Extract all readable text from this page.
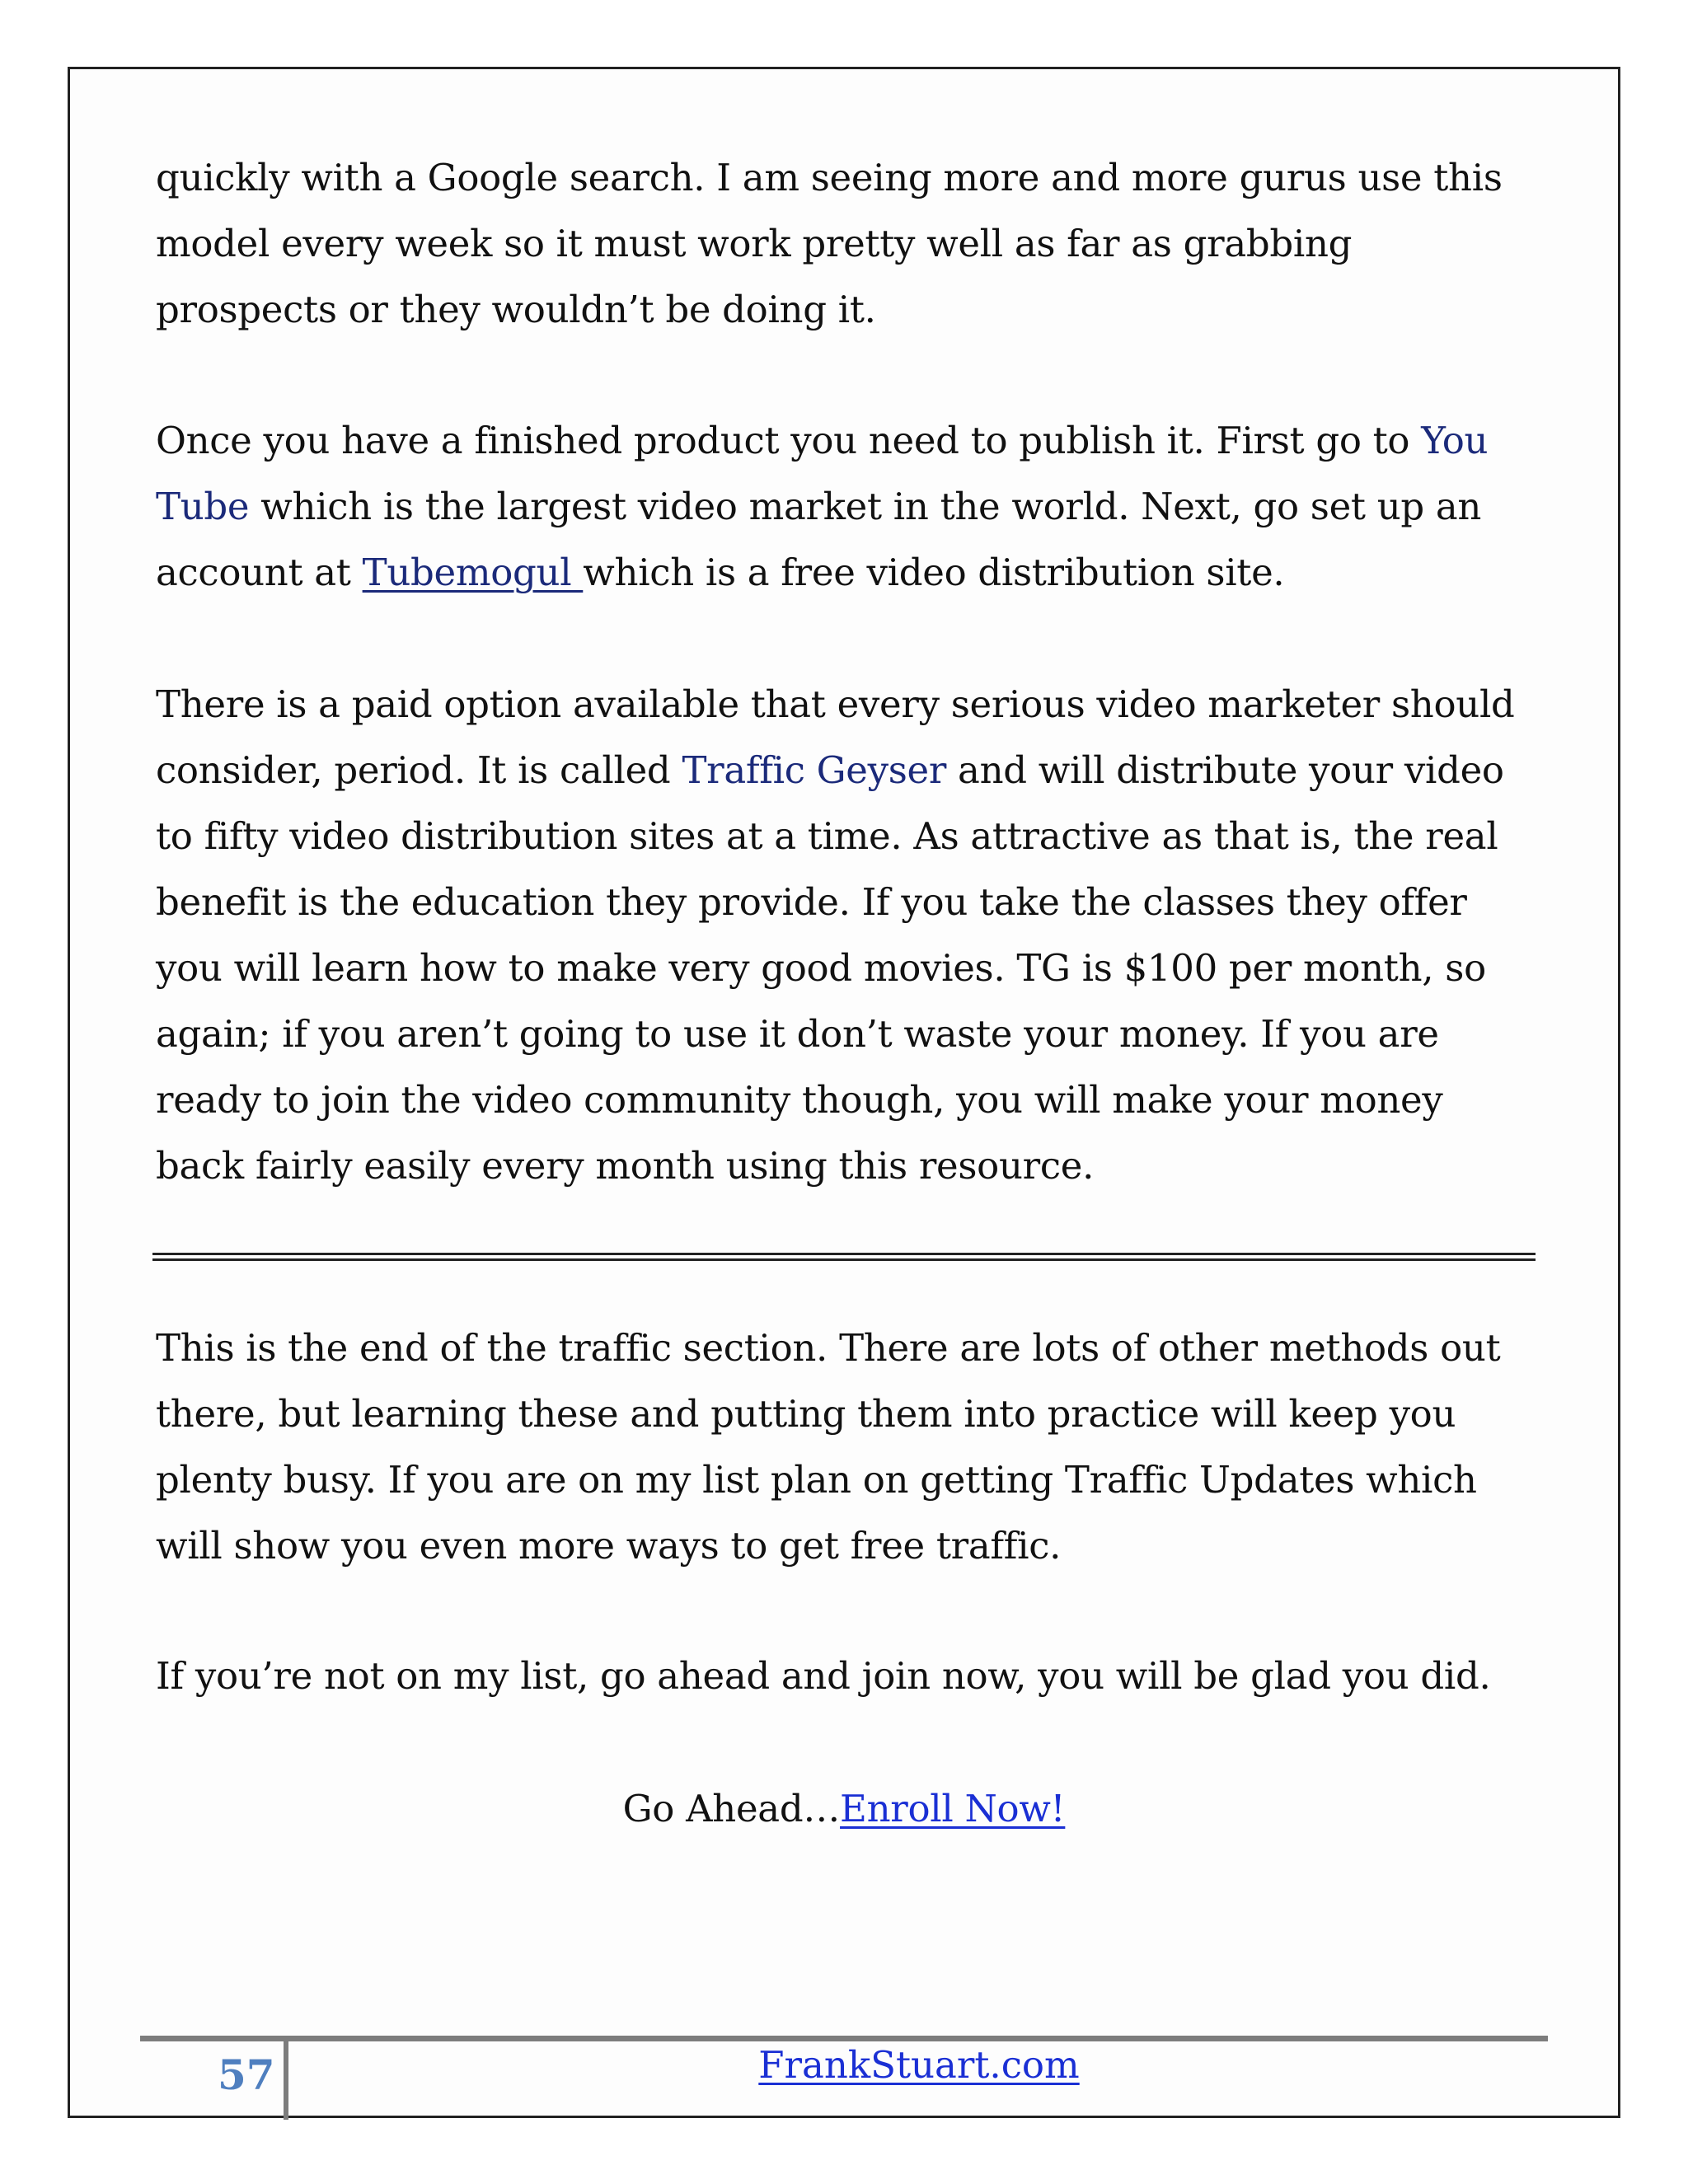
quickly with a Google search. I am seeing more and more gurus use this model every week so it must work pretty well as far as grabbing prospects or they wouldn’t be doing it.

Once you have a finished product you need to publish it. First go to You Tube which is the largest video market in the world. Next, go set up an account at Tubemogul which is a free video distribution site.

There is a paid option available that every serious video marketer should consider, period. It is called Traffic Geyser and will distribute your video to fifty video distribution sites at a time. As attractive as that is, the real benefit is the education they provide. If you take the classes they offer you will learn how to make very good movies. TG is $100 per month, so again; if you aren’t going to use it don’t waste your money. If you are ready to join the video community though, you will make your money back fairly easily every month using this resource.

This is the end of the traffic section. There are lots of other methods out there, but learning these and putting them into practice will keep you plenty busy. If you are on my list plan on getting Traffic Updates which will show you even more ways to get free traffic.

If you’re not on my list, go ahead and join now, you will be glad you did.

Go Ahead…Enroll Now!
57	FrankStuart.com
